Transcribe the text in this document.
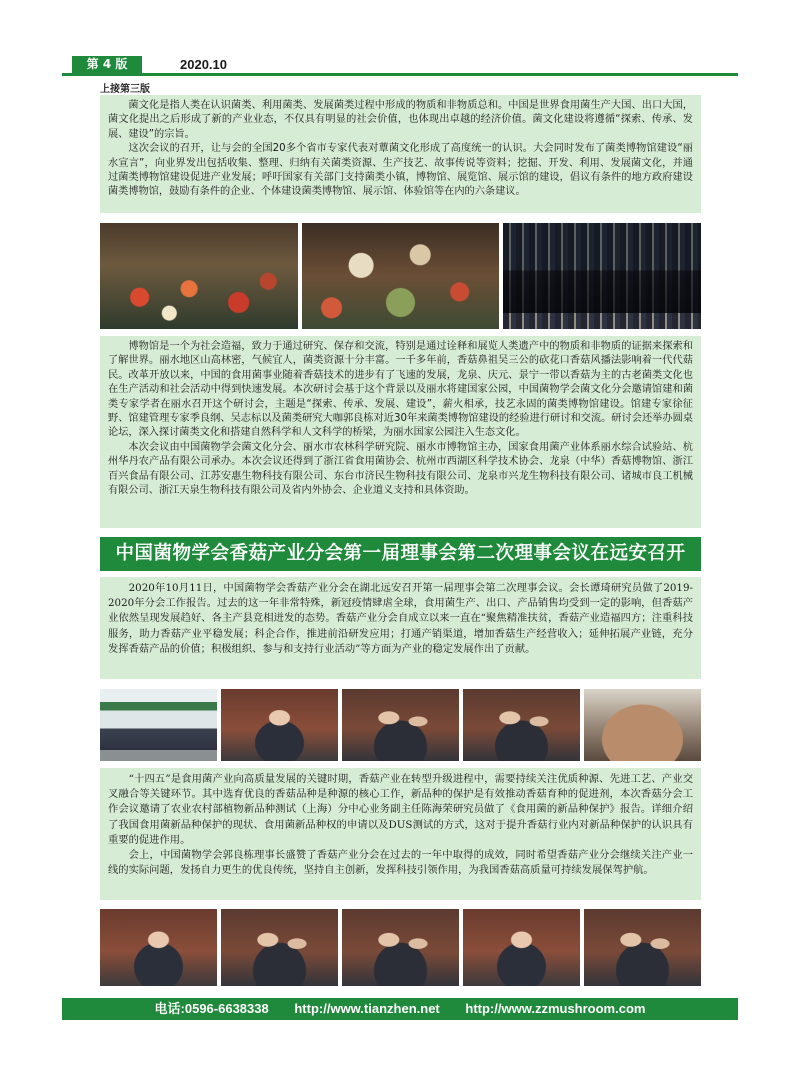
第 4 版	2020.10
上接第三版

菌文化是指人类在认识菌类、利用菌类、发展菌类过程中形成的物质和非物质总和。中国是世界食用菌生产大国、出口大国，菌文化提出之后形成了新的产业业态，不仅具有明显的社会价值，也体现出卓越的经济价值。菌文化建设将遵循“探索、传承、发展、建设”的宗旨。

这次会议的召开，让与会的全国20多个省市专家代表对蕈菌文化形成了高度统一的认识。大会同时发布了菌类博物馆建设“丽水宣言”，向业界发出包括收集、整理、归纳有关菌类资源、生产技艺、故事传说等资料；挖掘、开发、利用、发展菌文化，并通过菌类博物馆建设促进产业发展；呼吁国家有关部门支持菌类小镇，博物馆、展览馆、展示馆的建设，倡议有条件的地方政府建设菌类博物馆，鼓励有条件的企业、个体建设菌类博物馆、展示馆、体验馆等在内的六条建议。

博物馆是一个为社会造福，致力于通过研究、保存和交流，特别是通过诠释和展览人类遗产中的物质和非物质的证据来探索和了解世界。丽水地区山高林密，气候宜人，菌类资源十分丰富。一千多年前，香菇鼻祖吴三公的砍花口香菇风播法影响着一代代菇民。改革开放以来，中国的食用菌事业随着香菇技术的进步有了飞速的发展，龙泉、庆元、景宁一带以香菇为主的古老菌类文化也在生产活动和社会活动中得到快速发展。本次研讨会基于这个背景以及丽水将建国家公园，中国菌物学会菌文化分会邀请馆建和菌类专家学者在丽水召开这个研讨会，主题是“探索、传承、发展、建设”，薪火相承，技艺永固的菌类博物馆建设。馆建专家徐征野、馆建管理专家季良纲、吴志标以及菌类研究大咖郭良栋对近30年来菌类博物馆建设的经验进行研讨和交流。研讨会还举办圆桌论坛，深入探讨菌类文化和搭建自然科学和人文科学的桥梁，为丽水国家公园注入生态文化。

本次会议由中国菌物学会菌文化分会、丽水市农林科学研究院、丽水市博物馆主办，国家食用菌产业体系丽水综合试验站、杭州华丹农产品有限公司承办。本次会议还得到了浙江省食用菌协会、杭州市西湖区科学技术协会、龙泉（中华）香菇博物馆、浙江百兴食品有限公司、江苏安惠生物科技有限公司、东台市济民生物科技有限公司、龙泉市兴龙生物科技有限公司、诸城市良工机械有限公司、浙江天泉生物科技有限公司及省内外协会、企业道义支持和具体资助。

中国菌物学会香菇产业分会第一届理事会第二次理事会议在远安召开

2020年10月11日，中国菌物学会香菇产业分会在湖北远安召开第一届理事会第二次理事会议。会长谭琦研究员做了2019-2020年分会工作报告。过去的这一年非常特殊，新冠疫情肆虐全球，食用菌生产、出口、产品销售均受到一定的影响，但香菇产业依然呈现发展趋好、各主产县竞相迸发的态势。香菇产业分会自成立以来一直在“聚焦精准扶贫，香菇产业造福四方；注重科技服务，助力香菇产业平稳发展；科企合作，推进前沿研发应用；打通产销渠道，增加香菇生产经营收入；延伸拓展产业链，充分发挥香菇产品的价值；积极组织、参与和支持行业活动”等方面为产业的稳定发展作出了贡献。

“十四五”是食用菌产业向高质量发展的关键时期，香菇产业在转型升级进程中，需要持续关注优质种源、先进工艺、产业交叉融合等关键环节。其中选育优良的香菇品种是种源的核心工作，新品种的保护是有效推动香菇育种的促进剂，本次香菇分会工作会议邀请了农业农村部植物新品种测试（上海）分中心业务副主任陈海荣研究员做了《食用菌的新品种保护》报告。详细介绍了我国食用菌新品种保护的现状、食用菌新品种权的申请以及DUS测试的方式，这对于提升香菇行业内对新品种保护的认识具有重要的促进作用。

会上，中国菌物学会郭良栋理事长盛赞了香菇产业分会在过去的一年中取得的成效，同时希望香菇产业分会继续关注产业一线的实际问题，发扬自力更生的优良传统，坚持自主创新，发挥科技引领作用，为我国香菇高质量可持续发展保驾护航。

电话:0596-6638338 http://www.tianzhen.net http://www.zzmushroom.com
